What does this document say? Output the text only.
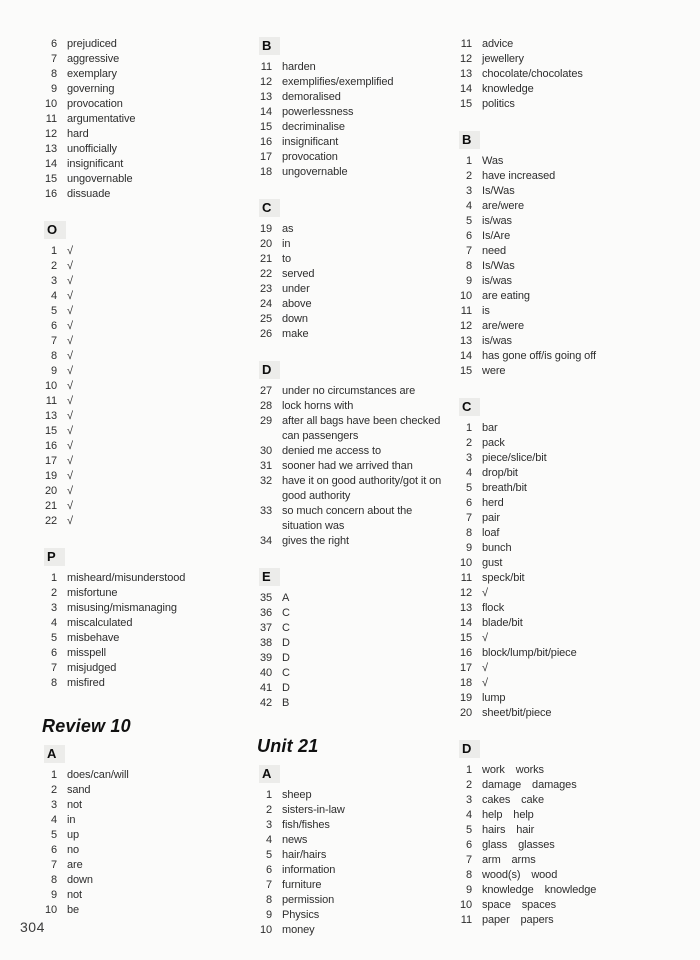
6 prejudiced
7 aggressive
8 exemplary
9 governing
10 provocation
11 argumentative
12 hard
13 unofficially
14 insignificant
15 ungovernable
16 dissuade
O
1 √
2 √
3 √
4 √
5 √
6 √
7 √
8 √
9 √
10 √
11 √
13 √
15 √
16 √
17 √
19 √
20 √
21 √
22 √
P
1 misheard/misunderstood
2 misfortune
3 misusing/mismanaging
4 miscalculated
5 misbehave
6 misspell
7 misjudged
8 misfired
Review 10
A
1 does/can/will
2 sand
3 not
4 in
5 up
6 no
7 are
8 down
9 not
10 be
B
11 harden
12 exemplifies/exemplified
13 demoralised
14 powerlessness
15 decriminalise
16 insignificant
17 provocation
18 ungovernable
C
19 as
20 in
21 to
22 served
23 under
24 above
25 down
26 make
D
27 under no circumstances are
28 lock horns with
29 after all bags have been checked can passengers
30 denied me access to
31 sooner had we arrived than
32 have it on good authority/got it on good authority
33 so much concern about the situation was
34 gives the right
E
35 A
36 C
37 C
38 D
39 D
40 C
41 D
42 B
Unit 21
A
1 sheep
2 sisters-in-law
3 fish/fishes
4 news
5 hair/hairs
6 information
7 furniture
8 permission
9 Physics
10 money
11 advice
12 jewellery
13 chocolate/chocolates
14 knowledge
15 politics
B
1 Was
2 have increased
3 Is/Was
4 are/were
5 is/was
6 Is/Are
7 need
8 Is/Was
9 is/was
10 are eating
11 is
12 are/were
13 is/was
14 has gone off/is going off
15 were
C
1 bar
2 pack
3 piece/slice/bit
4 drop/bit
5 breath/bit
6 herd
7 pair
8 loaf
9 bunch
10 gust
11 speck/bit
12 √
13 flock
14 blade/bit
15 √
16 block/lump/bit/piece
17 √
18 √
19 lump
20 sheet/bit/piece
D
1 work works
2 damage damages
3 cakes cake
4 help help
5 hairs hair
6 glass glasses
7 arm arms
8 wood(s) wood
9 knowledge knowledge
10 space spaces
11 paper papers
304
